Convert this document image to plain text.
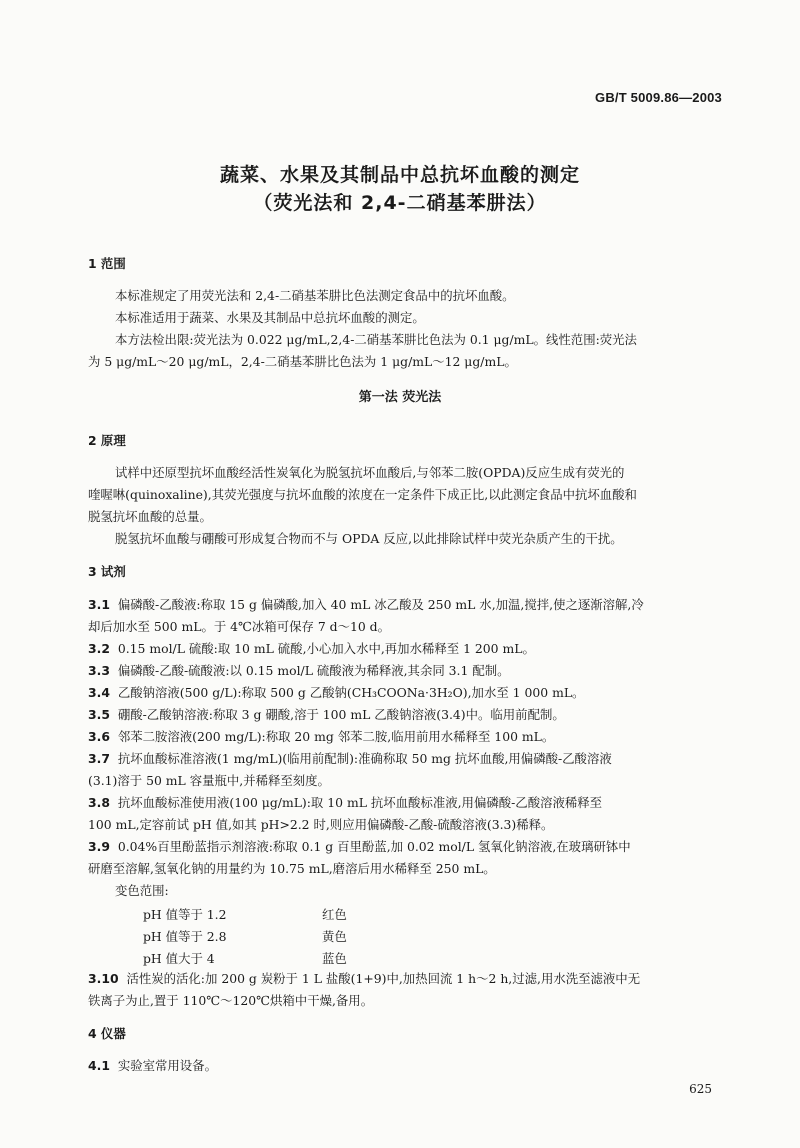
GB/T 5009.86—2003
蔬菜、水果及其制品中总抗坏血酸的测定
（荧光法和 2,4-二硝基苯肼法）
1 范围
本标准规定了用荧光法和 2,4-二硝基苯肼比色法测定食品中的抗坏血酸。
本标准适用于蔬菜、水果及其制品中总抗坏血酸的测定。
本方法检出限:荧光法为 0.022 μg/mL,2,4-二硝基苯肼比色法为 0.1 μg/mL。线性范围:荧光法
为 5 μg/mL～20 μg/mL，2,4-二硝基苯肼比色法为 1 μg/mL～12 μg/mL。
第一法 荧光法
2 原理
试样中还原型抗坏血酸经活性炭氧化为脱氢抗坏血酸后,与邻苯二胺(OPDA)反应生成有荧光的
喹喔啉(quinoxaline),其荧光强度与抗坏血酸的浓度在一定条件下成正比,以此测定食品中抗坏血酸和
脱氢抗坏血酸的总量。
脱氢抗坏血酸与硼酸可形成复合物而不与 OPDA 反应,以此排除试样中荧光杂质产生的干扰。
3 试剂
3.1 偏磷酸-乙酸液:称取 15 g 偏磷酸,加入 40 mL 冰乙酸及 250 mL 水,加温,搅拌,使之逐渐溶解,冷
却后加水至 500 mL。于 4℃冰箱可保存 7 d～10 d。
3.2 0.15 mol/L 硫酸:取 10 mL 硫酸,小心加入水中,再加水稀释至 1 200 mL。
3.3 偏磷酸-乙酸-硫酸液:以 0.15 mol/L 硫酸液为稀释液,其余同 3.1 配制。
3.4 乙酸钠溶液(500 g/L):称取 500 g 乙酸钠(CH₃COONa·3H₂O),加水至 1 000 mL。
3.5 硼酸-乙酸钠溶液:称取 3 g 硼酸,溶于 100 mL 乙酸钠溶液(3.4)中。临用前配制。
3.6 邻苯二胺溶液(200 mg/L):称取 20 mg 邻苯二胺,临用前用水稀释至 100 mL。
3.7 抗坏血酸标准溶液(1 mg/mL)(临用前配制):准确称取 50 mg 抗坏血酸,用偏磷酸-乙酸溶液
(3.1)溶于 50 mL 容量瓶中,并稀释至刻度。
3.8 抗坏血酸标准使用液(100 μg/mL):取 10 mL 抗坏血酸标准液,用偏磷酸-乙酸溶液稀释至
100 mL,定容前试 pH 值,如其 pH>2.2 时,则应用偏磷酸-乙酸-硫酸溶液(3.3)稀释。
3.9 0.04%百里酚蓝指示剂溶液:称取 0.1 g 百里酚蓝,加 0.02 mol/L 氢氧化钠溶液,在玻璃研钵中
研磨至溶解,氢氧化钠的用量约为 10.75 mL,磨溶后用水稀释至 250 mL。
变色范围:
pH 值等于 1.2	红色
pH 值等于 2.8	黄色
pH 值大于 4	蓝色
3.10 活性炭的活化:加 200 g 炭粉于 1 L 盐酸(1+9)中,加热回流 1 h～2 h,过滤,用水洗至滤液中无
铁离子为止,置于 110℃～120℃烘箱中干燥,备用。
4 仪器
4.1 实验室常用设备。
625
